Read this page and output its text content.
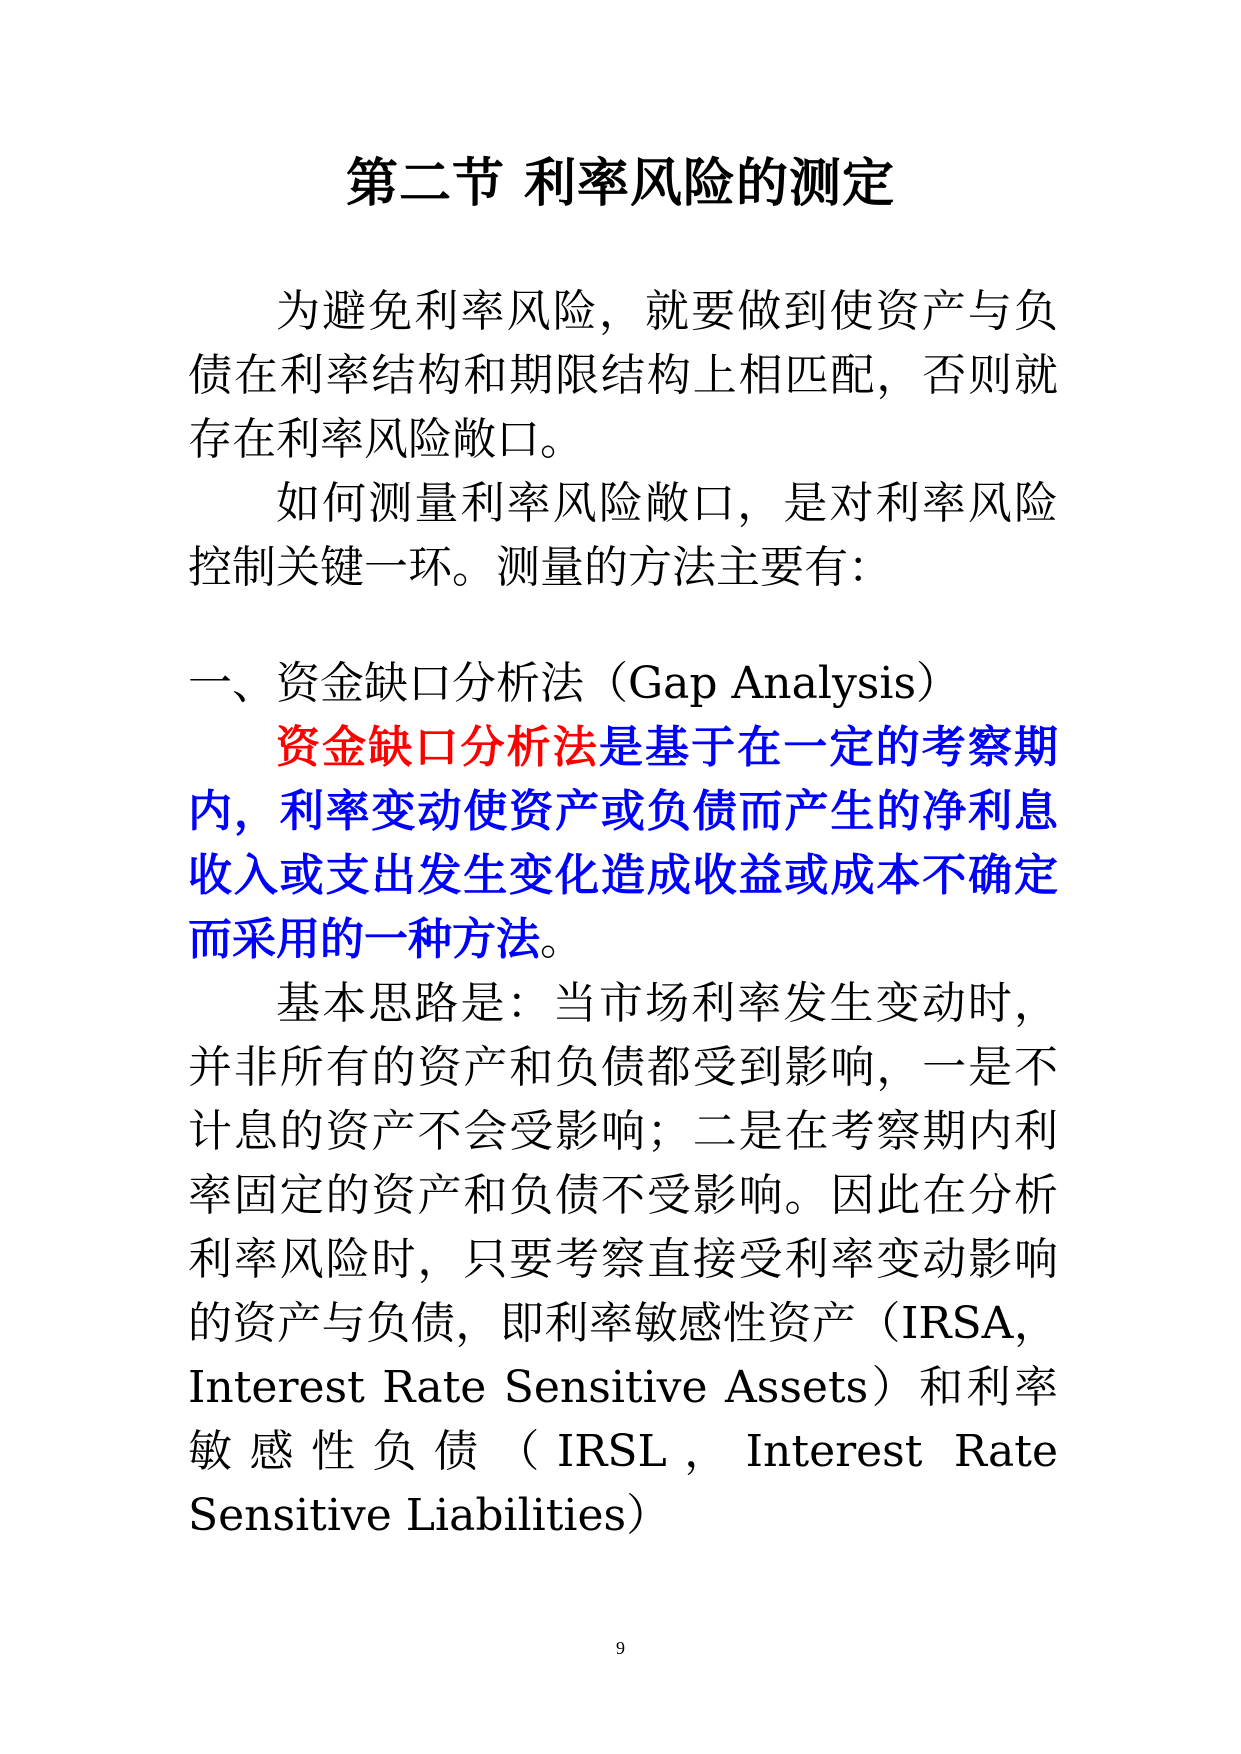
第二节 利率风险的测定

为避免利率风险，就要做到使资产与负债在利率结构和期限结构上相匹配，否则就存在利率风险敞口。

如何测量利率风险敞口，是对利率风险控制关键一环。测量的方法主要有：

一、资金缺口分析法（Gap Analysis）

资金缺口分析法是基于在一定的考察期内，利率变动使资产或负债而产生的净利息收入或支出发生变化造成收益或成本不确定而采用的一种方法。

基本思路是：当市场利率发生变动时，并非所有的资产和负债都受到影响，一是不计息的资产不会受影响；二是在考察期内利率固定的资产和负债不受影响。因此在分析利率风险时，只要考察直接受利率变动影响的资产与负债，即利率敏感性资产（IRSA，Interest Rate Sensitive Assets）和利率敏感性负债（IRSL，Interest Rate Sensitive Liabilities）

9
